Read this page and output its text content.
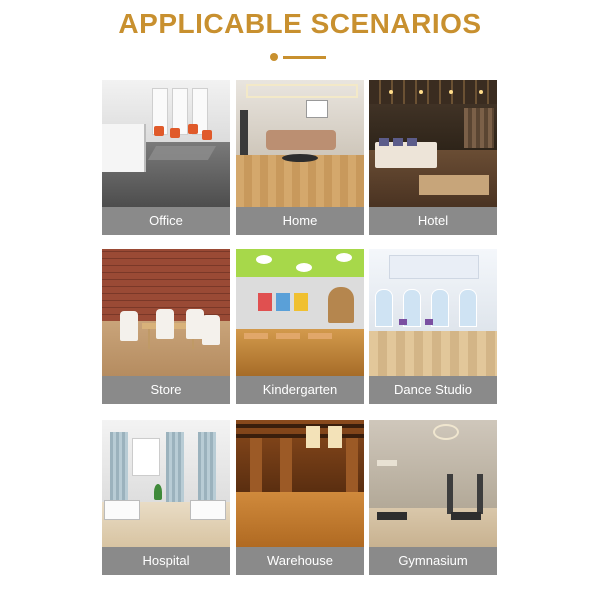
APPLICABLE SCENARIOS
Office	Home	Hotel
Store	Kindergarten	Dance Studio
Hospital	Warehouse	Gymnasium
